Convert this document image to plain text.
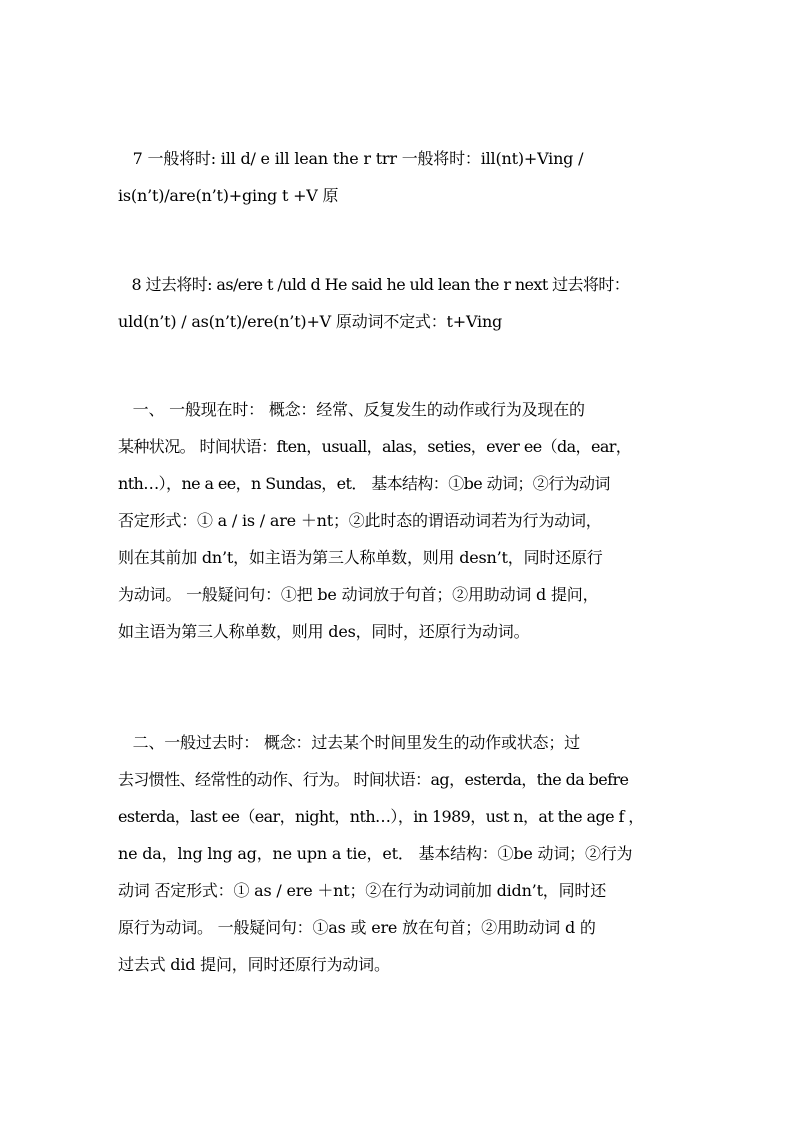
7 一般将时: ill d/ e ill lean the r trr 一般将时：ill(nt)+Ving /
is(n’t)/are(n’t)+ging t +V 原
8 过去将时: as/ere t /uld d He said he uld lean the r next 过去将时：
uld(n’t) / as(n’t)/ere(n’t)+V 原动词不定式：t+Ving
一、 一般现在时： 概念：经常、反复发生的动作或行为及现在的
某种状况。 时间状语：ften，usuall，alas，seties，ever ee（da，ear，
nth…），ne a ee，n Sundas，et． 基本结构：①be 动词；②行为动词
否定形式：① a / is / are ＋nt；②此时态的谓语动词若为行为动词，
则在其前加 dn’t，如主语为第三人称单数，则用 desn’t，同时还原行
为动词。 一般疑问句：①把 be 动词放于句首；②用助动词 d 提问，
如主语为第三人称单数，则用 des，同时，还原行为动词。
二、一般过去时： 概念：过去某个时间里发生的动作或状态；过
去习惯性、经常性的动作、行为。 时间状语：ag，esterda，the da befre
esterda，last ee（ear，night，nth…），in 1989，ust n，at the age f ，
ne da，lng lng ag，ne upn a tie，et． 基本结构：①be 动词；②行为
动词 否定形式：① as / ere ＋nt；②在行为动词前加 didn’t，同时还
原行为动词。 一般疑问句：①as 或 ere 放在句首；②用助动词 d 的
过去式 did 提问，同时还原行为动词。
